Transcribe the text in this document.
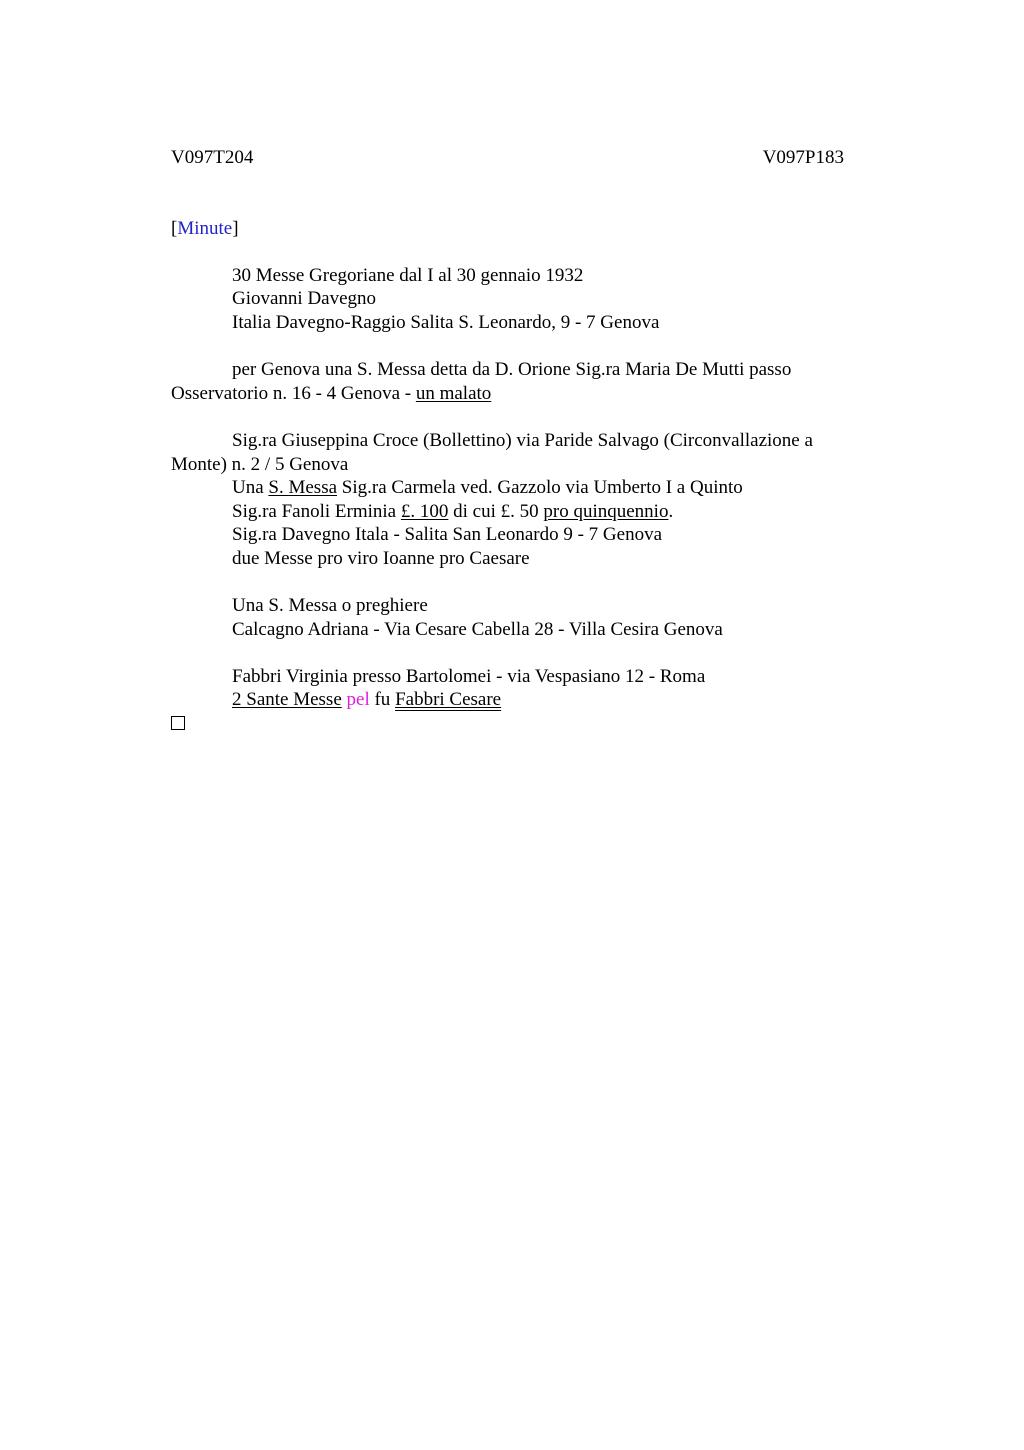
V097T204	V097P183
[Minute]
30 Messe Gregoriane dal I al 30 gennaio 1932
Giovanni Davegno
Italia Davegno-Raggio Salita S. Leonardo, 9 - 7 Genova
per Genova una S. Messa detta da D. Orione Sig.ra Maria De Mutti passo Osservatorio n. 16 - 4 Genova - un malato
Sig.ra Giuseppina Croce (Bollettino) via Paride Salvago (Circonvallazione a Monte) n. 2 / 5 Genova
Una S. Messa Sig.ra Carmela ved. Gazzolo via Umberto I a Quinto
Sig.ra Fanoli Erminia £. 100 di cui £. 50 pro quinquennio.
Sig.ra Davegno Itala - Salita San Leonardo 9 - 7 Genova
due Messe pro viro Ioanne pro Caesare
Una S. Messa o preghiere
Calcagno Adriana - Via Cesare Cabella 28 - Villa Cesira Genova
Fabbri Virginia presso Bartolomei - via Vespasiano 12 - Roma
2 Sante Messe pel fu Fabbri Cesare
